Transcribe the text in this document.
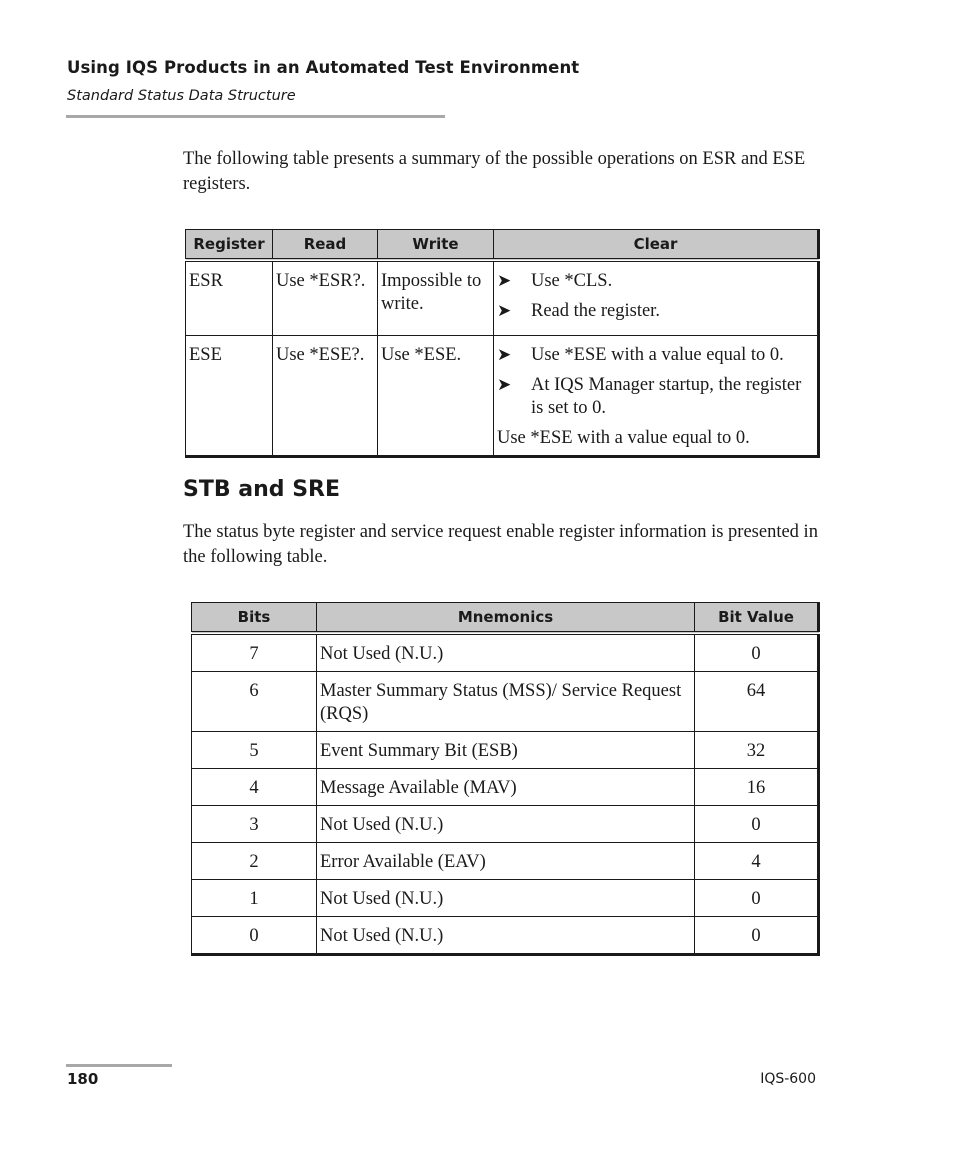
Using IQS Products in an Automated Test Environment
Standard Status Data Structure
The following table presents a summary of the possible operations on ESR and ESE registers.
Register	Read	Write	Clear
ESR	Use *ESR?.	Impossible to write.	➤ Use *CLS.
➤ Read the register.

ESE	Use *ESE?.	Use *ESE.	➤ Use *ESE with a value equal to 0.
➤ At IQS Manager startup, the register is set to 0.
Use *ESE with a value equal to 0.
STB and SRE
The status byte register and service request enable register information is presented in the following table.
Bits	Mnemonics	Bit Value
7	Not Used (N.U.)	0
6	Master Summary Status (MSS)/ Service Request (RQS)	64
5	Event Summary Bit (ESB)	32
4	Message Available (MAV)	16
3	Not Used (N.U.)	0
2	Error Available (EAV)	4
1	Not Used (N.U.)	0
0	Not Used (N.U.)	0
180	IQS-600
